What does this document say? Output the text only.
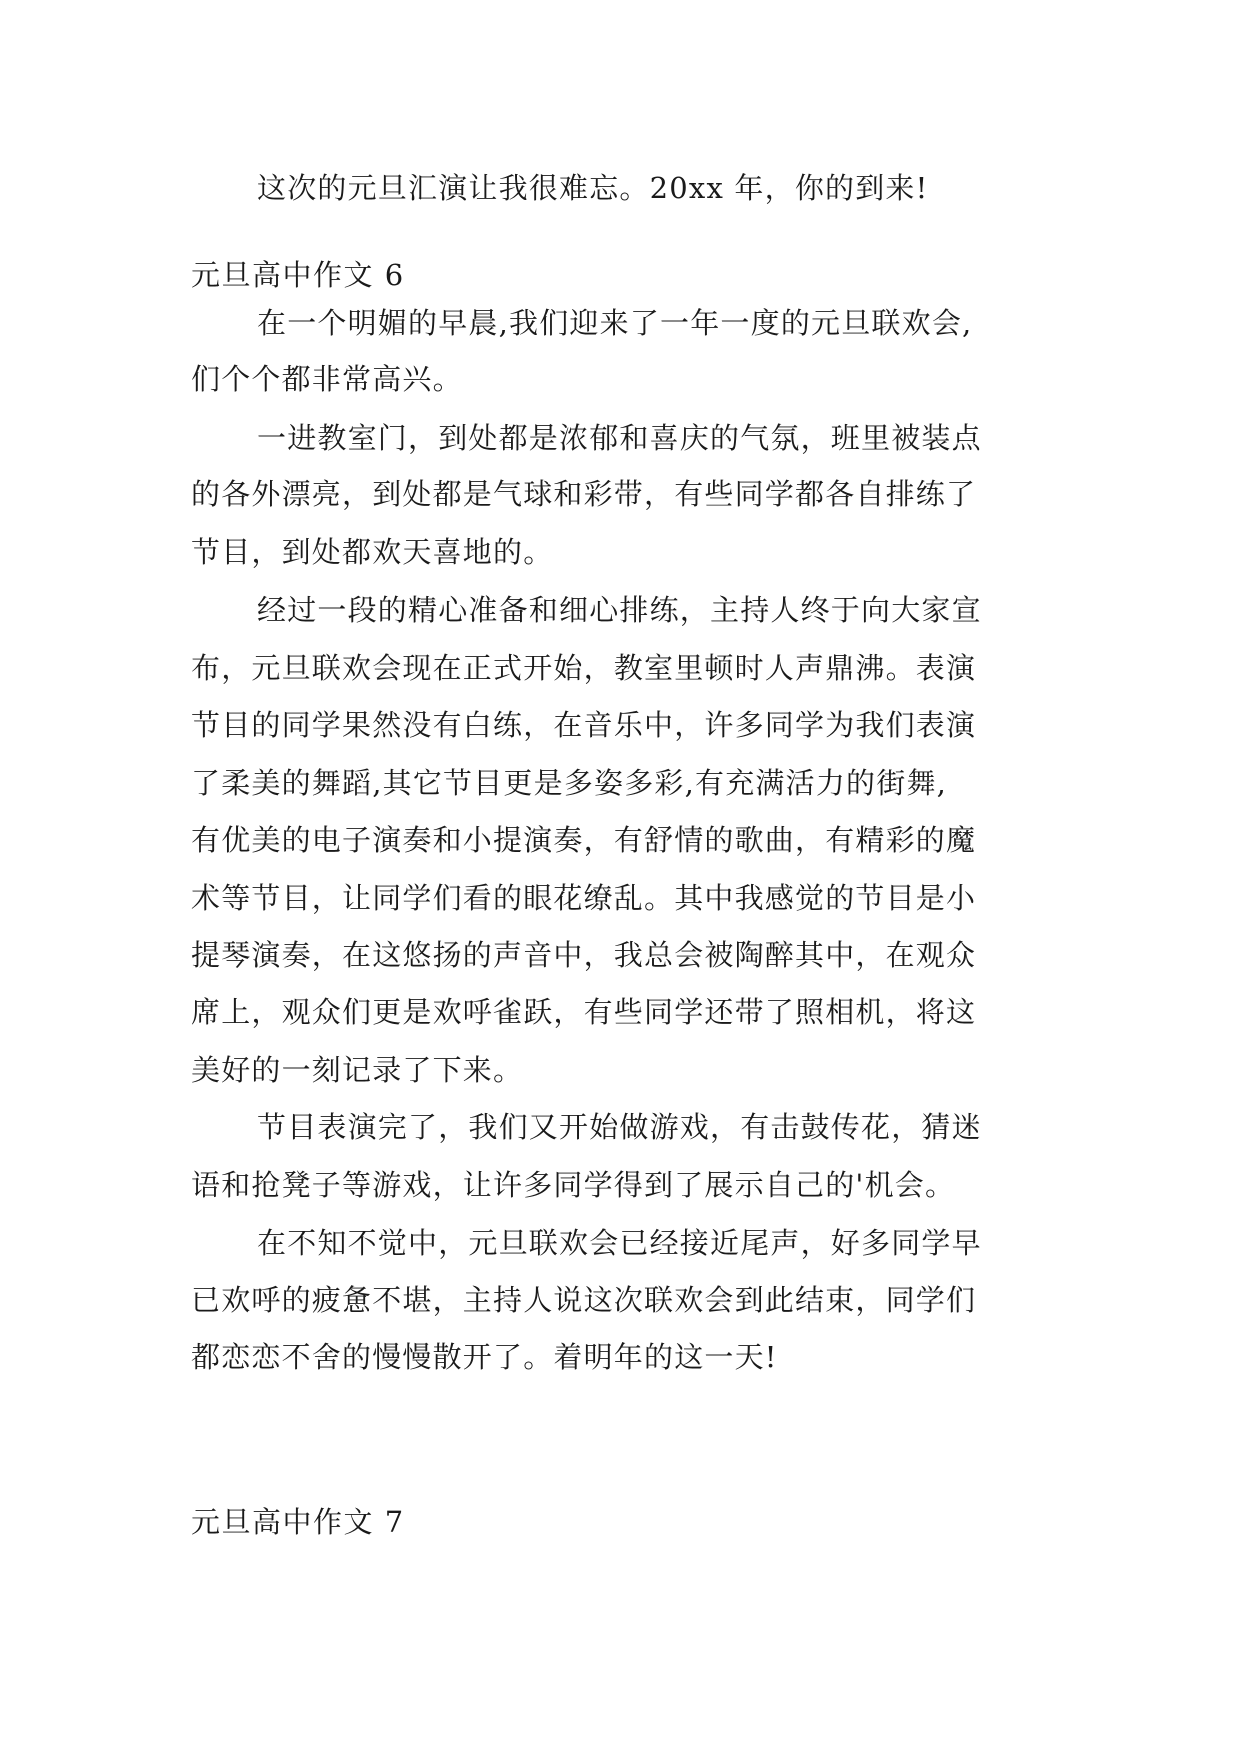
这次的元旦汇演让我很难忘。20xx 年，你的到来!
元旦高中作文 6
在一个明媚的早晨,我们迎来了一年一度的元旦联欢会,
们个个都非常高兴。
一进教室门，到处都是浓郁和喜庆的气氛，班里被装点
的各外漂亮，到处都是气球和彩带，有些同学都各自排练了
节目，到处都欢天喜地的。
经过一段的精心准备和细心排练，主持人终于向大家宣
布，元旦联欢会现在正式开始，教室里顿时人声鼎沸。表演
节目的同学果然没有白练，在音乐中，许多同学为我们表演
了柔美的舞蹈,其它节目更是多姿多彩,有充满活力的街舞,
有优美的电子演奏和小提演奏，有舒情的歌曲，有精彩的魔
术等节目，让同学们看的眼花缭乱。其中我感觉的节目是小
提琴演奏，在这悠扬的声音中，我总会被陶醉其中，在观众
席上，观众们更是欢呼雀跃，有些同学还带了照相机，将这
美好的一刻记录了下来。
节目表演完了，我们又开始做游戏，有击鼓传花，猜迷
语和抢凳子等游戏，让许多同学得到了展示自己的'机会。
在不知不觉中，元旦联欢会已经接近尾声，好多同学早
已欢呼的疲惫不堪，主持人说这次联欢会到此结束，同学们
都恋恋不舍的慢慢散开了。着明年的这一天!
元旦高中作文 7
